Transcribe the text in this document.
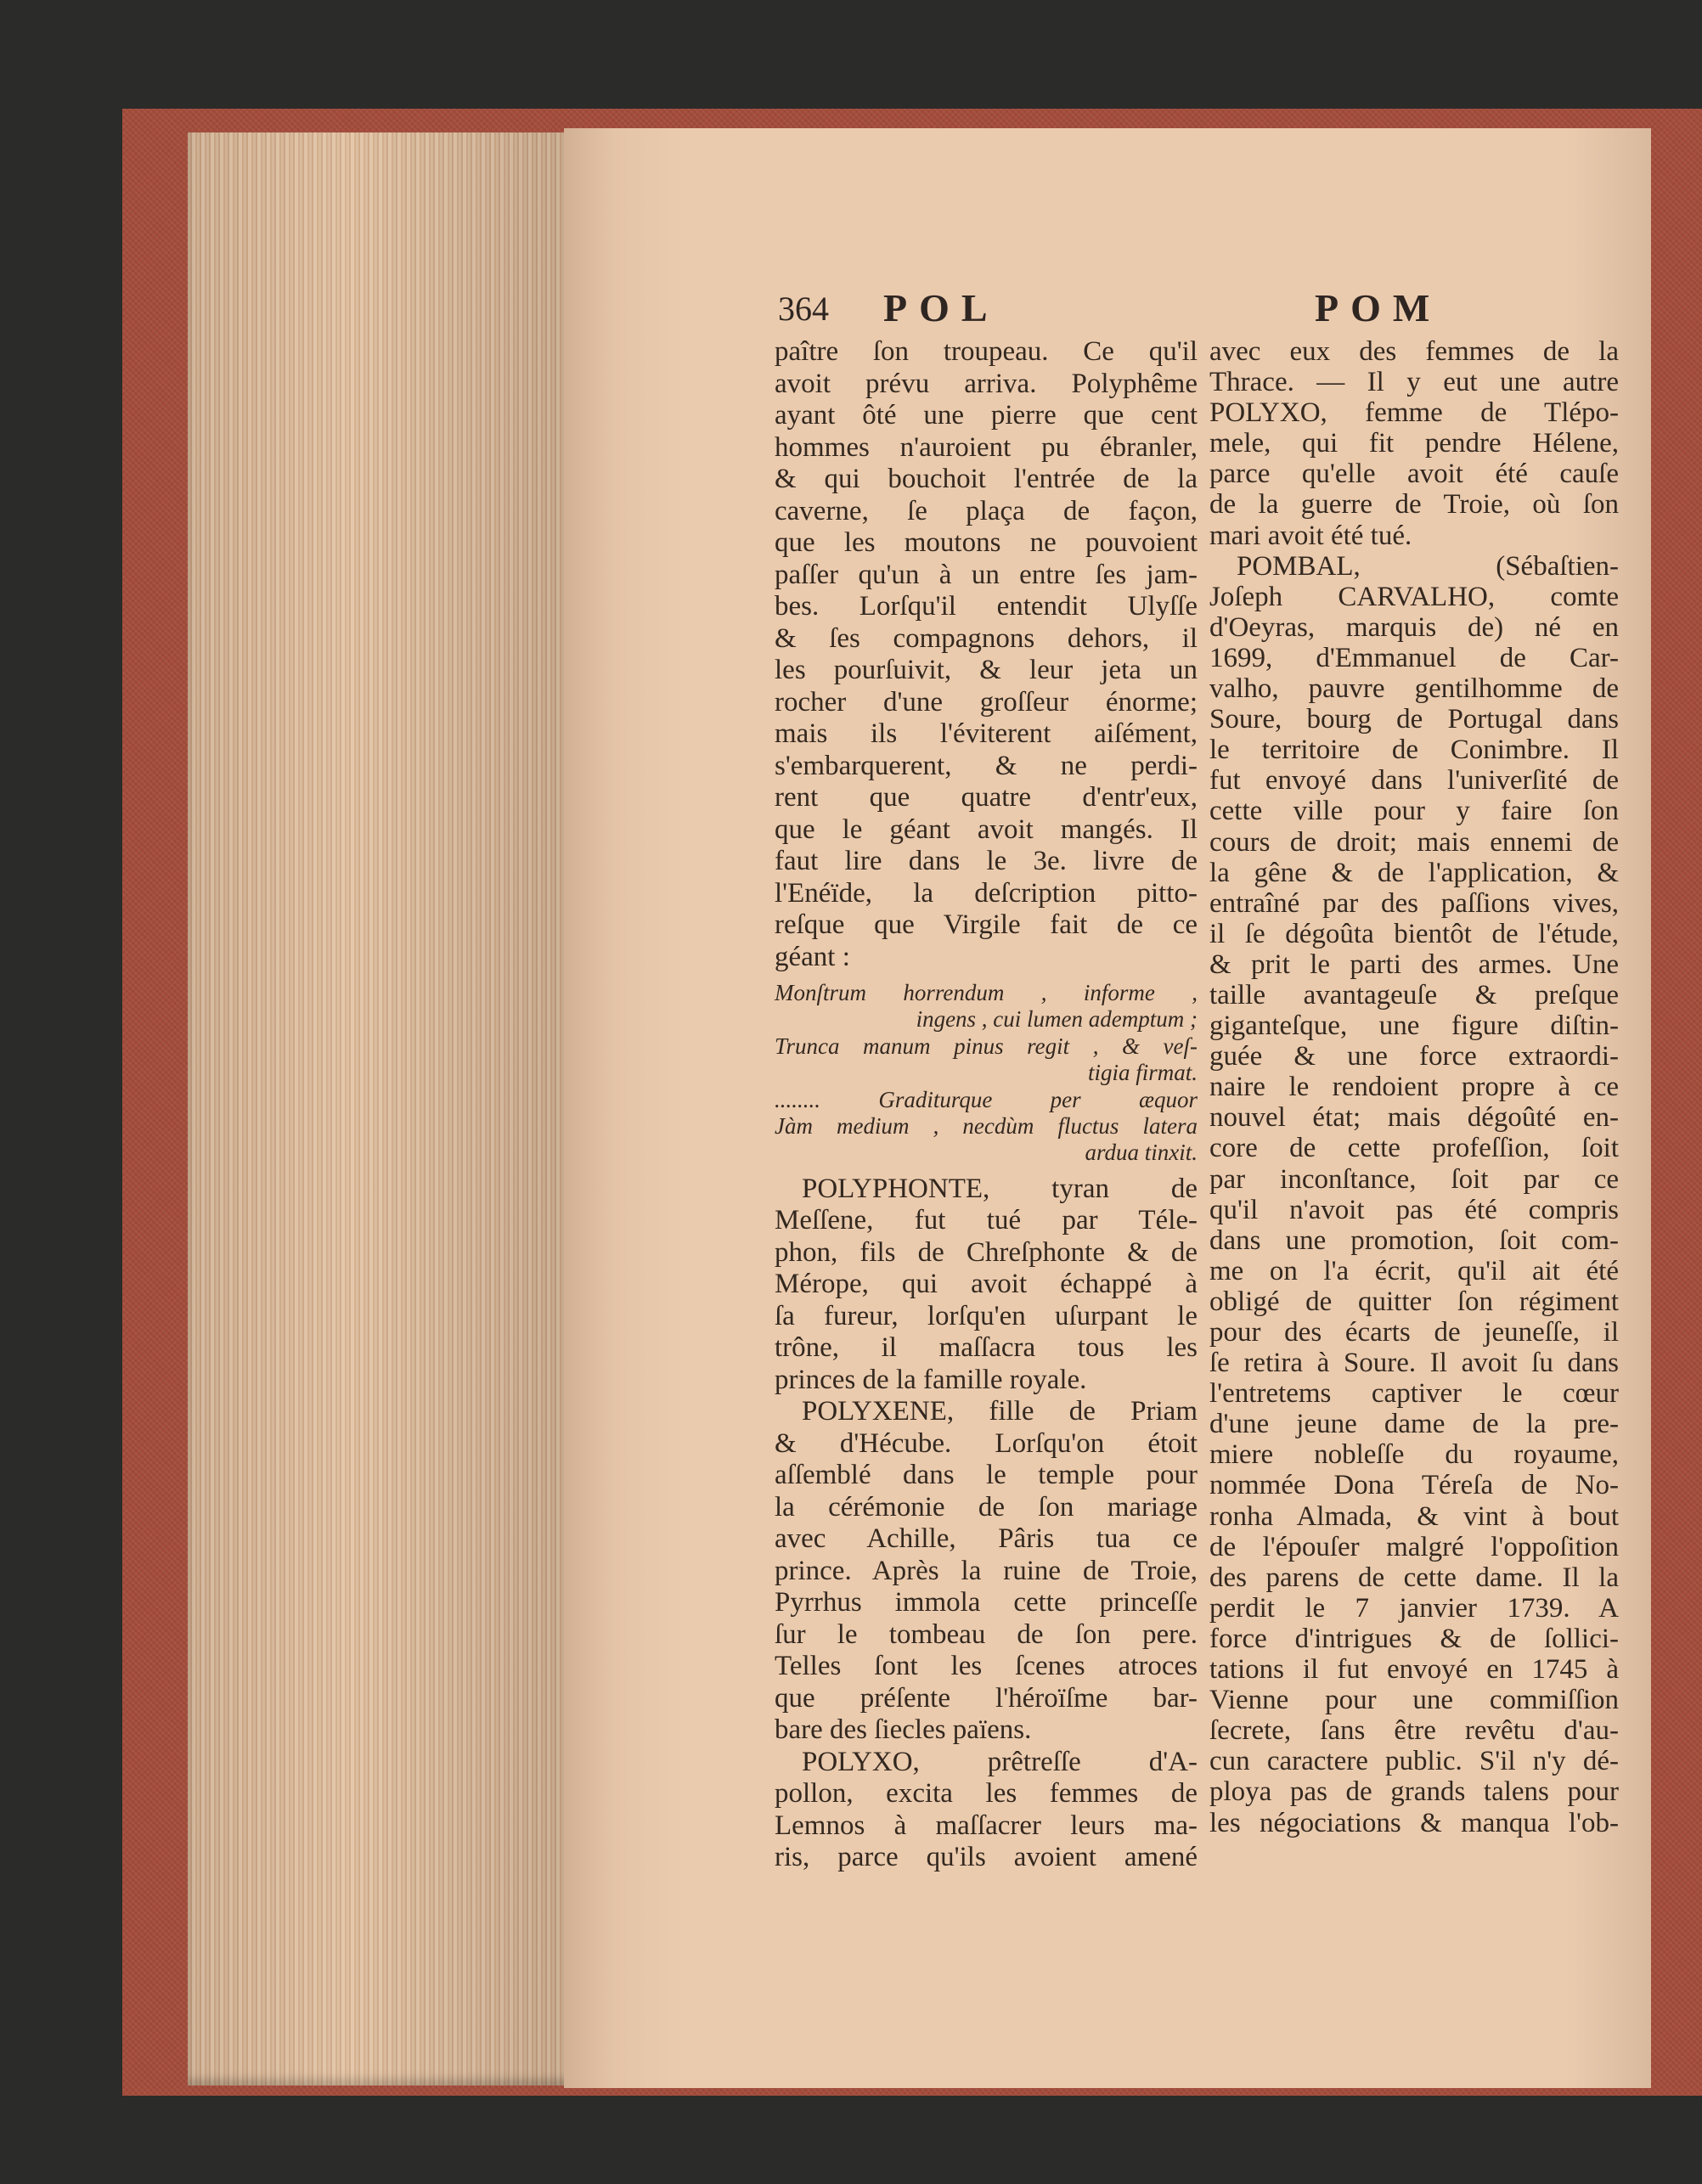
364 POL	POM
paître ſon troupeau. Ce qu'il
avoit prévu arriva. Polyphême
ayant ôté une pierre que cent
hommes n'auroient pu ébranler,
& qui bouchoit l'entrée de la
caverne, ſe plaça de façon,
que les moutons ne pouvoient
paſſer qu'un à un entre ſes jam-
bes. Lorſqu'il entendit Ulyſſe
& ſes compagnons dehors, il
les pourſuivit, & leur jeta un
rocher d'une groſſeur énorme;
mais ils l'éviterent aiſément,
s'embarquerent, & ne perdi-
rent que quatre d'entr'eux,
que le géant avoit mangés. Il
faut lire dans le 3e. livre de
l'Enéïde, la deſcription pitto-
reſque que Virgile fait de ce
géant :
Monſtrum horrendum , informe ,
ingens , cui lumen ademptum ;
Trunca manum pinus regit , & veſ-
tigia firmat.
........ Graditurque per æquor
Jàm medium , necdùm fluctus latera
ardua tinxit.
POLYPHONTE, tyran de
Meſſene, fut tué par Téle-
phon, fils de Chreſphonte & de
Mérope, qui avoit échappé à
ſa fureur, lorſqu'en uſurpant le
trône, il maſſacra tous les
princes de la famille royale.
POLYXENE, fille de Priam
& d'Hécube. Lorſqu'on étoit
aſſemblé dans le temple pour
la cérémonie de ſon mariage
avec Achille, Pâris tua ce
prince. Après la ruine de Troie,
Pyrrhus immola cette princeſſe
ſur le tombeau de ſon pere.
Telles ſont les ſcenes atroces
que préſente l'héroïſme bar-
bare des ſiecles païens.
POLYXO, prêtreſſe d'A-
pollon, excita les femmes de
Lemnos à maſſacrer leurs ma-
ris, parce qu'ils avoient amené
avec eux des femmes de la
Thrace. — Il y eut une autre
POLYXO, femme de Tlépo-
mele, qui fit pendre Hélene,
parce qu'elle avoit été cauſe
de la guerre de Troie, où ſon
mari avoit été tué.
POMBAL, (Sébaſtien-
Joſeph CARVALHO, comte
d'Oeyras, marquis de) né en
1699, d'Emmanuel de Car-
valho, pauvre gentilhomme de
Soure, bourg de Portugal dans
le territoire de Conimbre. Il
fut envoyé dans l'univerſité de
cette ville pour y faire ſon
cours de droit; mais ennemi de
la gêne & de l'application, &
entraîné par des paſſions vives,
il ſe dégoûta bientôt de l'étude,
& prit le parti des armes. Une
taille avantageuſe & preſque
giganteſque, une figure diſtin-
guée & une force extraordi-
naire le rendoient propre à ce
nouvel état; mais dégoûté en-
core de cette profeſſion, ſoit
par inconſtance, ſoit par ce
qu'il n'avoit pas été compris
dans une promotion, ſoit com-
me on l'a écrit, qu'il ait été
obligé de quitter ſon régiment
pour des écarts de jeuneſſe, il
ſe retira à Soure. Il avoit ſu dans
l'entretems captiver le cœur
d'une jeune dame de la pre-
miere nobleſſe du royaume,
nommée Dona Téreſa de No-
ronha Almada, & vint à bout
de l'épouſer malgré l'oppoſition
des parens de cette dame. Il la
perdit le 7 janvier 1739. A
force d'intrigues & de ſollici-
tations il fut envoyé en 1745 à
Vienne pour une commiſſion
ſecrete, ſans être revêtu d'au-
cun caractere public. S'il n'y dé-
ploya pas de grands talens pour
les négociations & manqua l'ob-
